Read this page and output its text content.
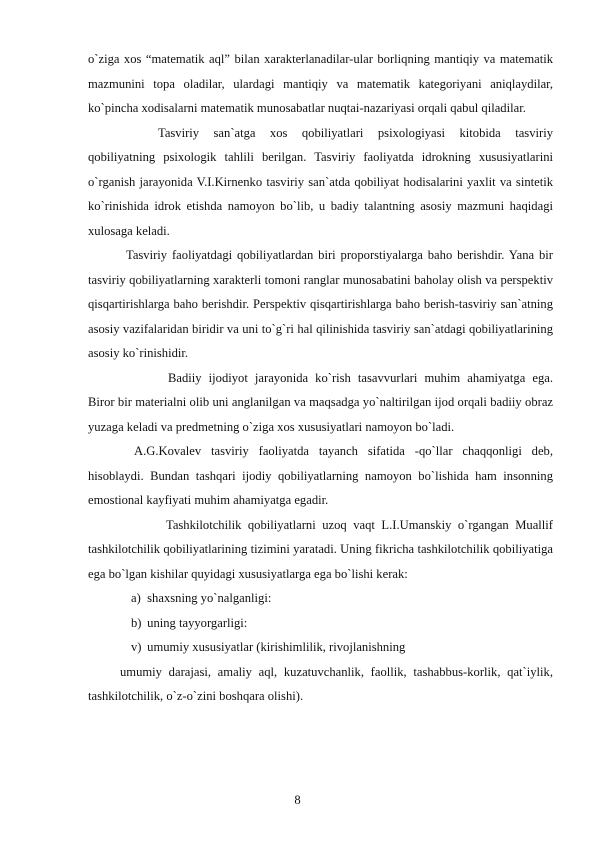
o`ziga xos “matematik aql” bilan xarakterlanadilar-ular borliqning mantiqiy va matematik mazmunini topa oladilar, ulardagi mantiqiy va matematik kategoriyani aniqlaydilar, ko`pincha xodisalarni matematik munosabatlar nuqtai-nazariyasi orqali qabul qiladilar.

Tasviriy san`atga xos qobiliyatlari psixologiyasi kitobida tasviriy qobiliyatning psixologik tahlili berilgan. Tasviriy faoliyatda idrokning xususiyatlarini o`rganish jarayonida V.I.Kirnenko tasviriy san`atda qobiliyat hodisalarini yaxlit va sintetik ko`rinishida idrok etishda namoyon bo`lib, u badiy talantning asosiy mazmuni haqidagi xulosaga keladi.

Tasviriy faoliyatdagi qobiliyatlardan biri proporstiyalarga baho berishdir. Yana bir tasviriy qobiliyatlarning xarakterli tomoni ranglar munosabatini baholay olish va perspektiv qisqartirishlarga baho berishdir. Perspektiv qisqartirishlarga baho berish-tasviriy san`atning asosiy vazifalaridan biridir va uni to`g`ri hal qilinishida tasviriy san`atdagi qobiliyatlarining asosiy ko`rinishidir.

Badiiy ijodiyot jarayonida ko`rish tasavvurlari muhim ahamiyatga ega. Biror bir materialni olib uni anglanilgan va maqsadga yo`naltirilgan ijod orqali badiiy obraz yuzaga keladi va predmetning o`ziga xos xususiyatlari namoyon bo`ladi.

A.G.Kovalev tasviriy faoliyatda tayanch sifatida -qo`llar chaqqonligi deb, hisoblaydi. Bundan tashqari ijodiy qobiliyatlarning namoyon bo`lishida ham insonning emostional kayfiyati muhim ahamiyatga egadir.

Tashkilotchilik qobiliyatlarni uzoq vaqt L.I.Umanskiy o`rgangan Muallif tashkilotchilik qobiliyatlarining tizimini yaratadi. Uning fikricha tashkilotchilik qobiliyatiga ega bo`lgan kishilar quyidagi xususiyatlarga ega bo`lishi kerak:

a) shaxsning yo`nalganligi:
b) uning tayyorgarligi:
v) umumiy xususiyatlar (kirishimlilik, rivojlanishning

umumiy darajasi, amaliy aql, kuzatuvchanlik, faollik, tashabbus-korlik, qat`iylik, tashkilotchilik, o`z-o`zini boshqara olishi).

8
